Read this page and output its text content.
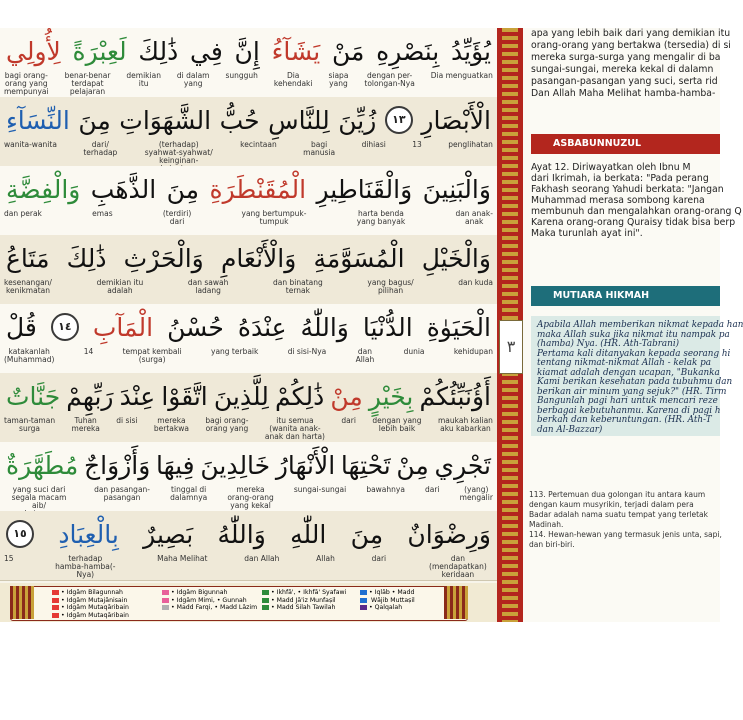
يُؤَيِّدُ
بِنَصْرِهِ
مَنْ
يَشَآءُ
إِنَّ
فِي
ذَٰلِكَ
لَعِبْرَةً
لِأُولِي
Dia menguatkan
dengan per-
tolongan-Nya
siapa
yang
Dia
kehendaki
sungguh
di dalam
yang
demikian
itu
benar-benar
terdapat
pelajaran
bagi orang-
orang yang
mempunyai
الْأَبْصَارِ
١٣
زُيِّنَ
لِلنَّاسِ
حُبُّ
الشَّهَوَاتِ
مِنَ
النِّسَآءِ
penglihatan
13
dihiasi
bagi
manusia
kecintaan
(terhadap)
syahwat-syahwat/
keinginan-
dari/
terhadap
wanita-wanita
وَالْبَنِينَ
وَالْقَنَاطِيرِ
الْمُقَنْطَرَةِ
مِنَ
الذَّهَبِ
وَالْفِضَّةِ
dan anak-
anak
harta benda
yang banyak
yang bertumpuk-
tumpuk
(terdiri)
dari
emas
dan perak
وَالْخَيْلِ
الْمُسَوَّمَةِ
وَالْأَنْعَامِ
وَالْحَرْثِ
ذَٰلِكَ
مَتَاعُ
dan kuda
yang bagus/
pilihan
dan binatang
ternak
dan sawah
ladang
demikian itu
adalah
kesenangan/
kenikmatan
الْحَيَوٰةِ
الدُّنْيَا
وَاللّٰهُ
عِنْدَهُ
حُسْنُ
الْمَآبِ
١٤
قُلْ
kehidupan
dunia
dan
Allah
di sisi-Nya
yang terbaik
tempat kembali
(surga)
14
katakanlah
(Muhammad)
أَؤُنَبِّئُكُمْ
بِخَيْرٍ
مِنْ
ذَٰلِكُمْ
لِلَّذِينَ
اتَّقَوْا
عِنْدَ
رَبِّهِمْ
جَنَّاتٌ
maukah kalian
aku kabarkan
dengan yang
lebih baik
dari
itu semua
(wanita anak-
anak dan harta)
bagi orang-
orang yang
mereka
bertakwa
di sisi
Tuhan
mereka
taman-taman
surga
تَجْرِي
مِنْ
تَحْتِهَا
الْأَنْهَارُ
خَالِدِينَ
فِيهَا
وَأَزْوَاجٌ
مُطَهَّرَةٌ
(yang)
mengalir
dari
bawahnya
sungai-sungai
mereka
orang-orang
yang kekal
tinggal di
dalamnya
dan pasangan-
pasangan
yang suci dari
segala macam aib/

وَرِضْوَانٌ
مِنَ
اللّٰهِ
وَاللّٰهُ
بَصِيرٌ
بِالْعِبَادِ
١٥
dan (mendapatkan)
keridaan
dari
Allah
dan Allah
Maha Melihat
terhadap
hamba-hamba(-Nya)
15
٣
apa yang lebih baik dari yang demikian itu
orang-orang yang bertakwa (tersedia) di si
mereka surga-surga yang mengalir di ba
sungai-sungai, mereka kekal di dalamn
pasangan-pasangan yang suci, serta rid
Dan Allah Maha Melihat hamba-hamba-
ASBABUNNUZUL
Ayat 12. Diriwayatkan oleh Ibnu M
dari Ikrimah, ia berkata: "Pada perang
Fakhash seorang Yahudi berkata: "Jangan
Muhammad merasa sombong karena
membunuh dan mengalahkan orang-orang Q
Karena orang-orang Quraisy tidak bisa berp
Maka turunlah ayat ini".
MUTIARA HIKMAH
Apabila Allah memberikan nikmat kepada han
maka Allah suka jika nikmat itu nampak pa
(hamba) Nya. (HR. Ath-Tabrani)
Pertama kali ditanyakan kepada seorang hi
tentang nikmat-nikmat Allah - kelak pa
kiamat adalah dengan ucapan, "Bukanka
Kami berikan kesehatan pada tubuhmu dan
berikan air minum yang sejuk?" (HR. Tirm
Bangunlah pagi hari untuk mencari reze
berbagai kebutuhanmu. Karena di pagi h
berkah dan keberuntungan. (HR. Ath-T
dan Al-Bazzar)
113. Pertemuan dua golongan itu antara kaum
dengan kaum musyrikin, terjadi dalam pera
Badar adalah nama suatu tempat yang terletak
Madinah.
114. Hewan-hewan yang termasuk jenis unta, sapi,
dan biri-biri.
• Idgām Bilagunnah
• Idgām Mutajānisain
• Idgām Mutaqāribain
• Idgām Mutaqāribain
• Idgām Bigunnah
• Idgām Mimi, • Gunnah
• Madd Farqi, • Madd Lāzim
• Ikhfā', • Ikhfā' Syafawi
• Madd Jā'iz Munfaṣil
• Madd Silah Tawilah
• Iqlāb • Madd
Wājib Muttaṣil
• Qalqalah
